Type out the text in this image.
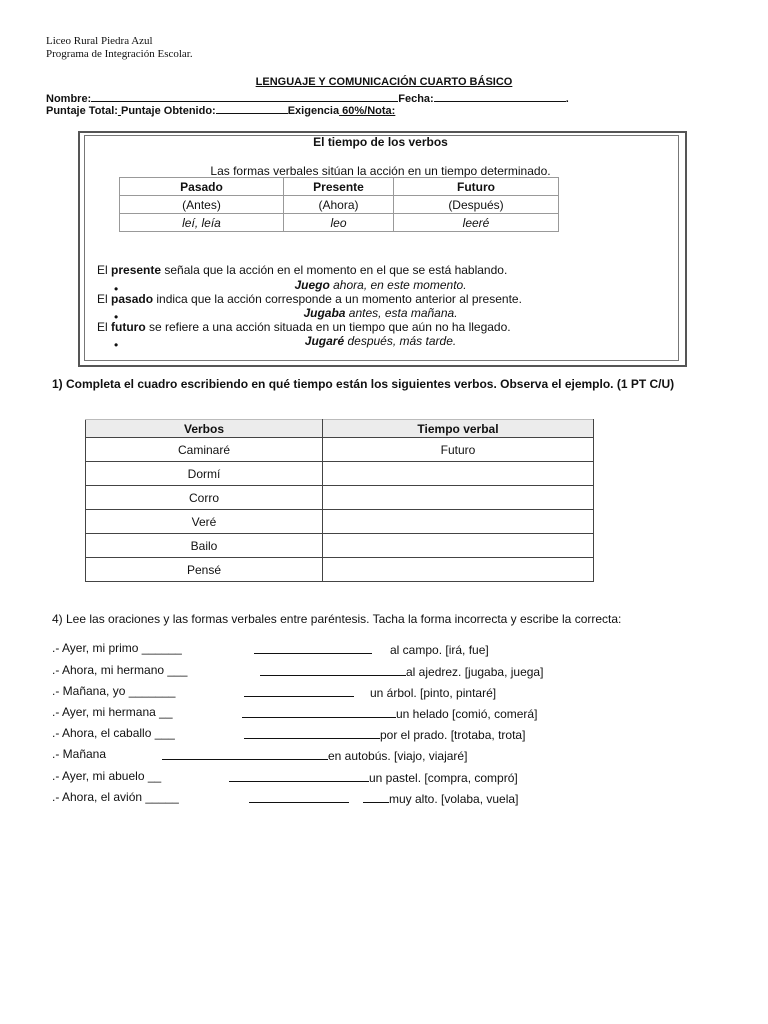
Liceo Rural Piedra Azul
Programa de Integración Escolar.
LENGUAJE Y COMUNICACIÓN CUARTO BÁSICO
Nombre:	Fecha:	.
Puntaje Total: Puntaje Obtenido:	Exigencia 60%/Nota:
El tiempo de los verbos
Las formas verbales sitúan la acción en un tiempo determinado.
Pasado	Presente	Futuro
(Antes)	(Ahora)	(Después)
leí, leía	leo	leeré
El presente señala que la acción en el momento en el que se está hablando.
Juego ahora, en este momento.
•
El pasado indica que la acción corresponde a un momento anterior al presente.
Jugaba antes, esta mañana.
•
El futuro se refiere a una acción situada en un tiempo que aún no ha llegado.
Jugaré después, más tarde.
•
1) Completa el cuadro escribiendo en qué tiempo están los siguientes verbos. Observa el ejemplo. (1 PT C/U)
Verbos	Tiempo verbal
Caminaré	Futuro
Dormí	
Corro	
Veré	
Bailo	
Pensé	
4) Lee las oraciones y las formas verbales entre paréntesis. Tacha la forma incorrecta y escribe la correcta:
.- Ayer, mi primo ______	al campo. [irá, fue]
.- Ahora, mi hermano ___	al ajedrez. [jugaba, juega]
.- Mañana, yo _______	un árbol. [pinto, pintaré]
.- Ayer, mi hermana __	un helado [comió, comerá]
.- Ahora, el caballo ___	por el prado. [trotaba, trota]
.- Mañana	en autobús. [viajo, viajaré]
.- Ayer, mi abuelo __	un pastel. [compra, compró]
.- Ahora, el avión _____	muy alto. [volaba, vuela]
